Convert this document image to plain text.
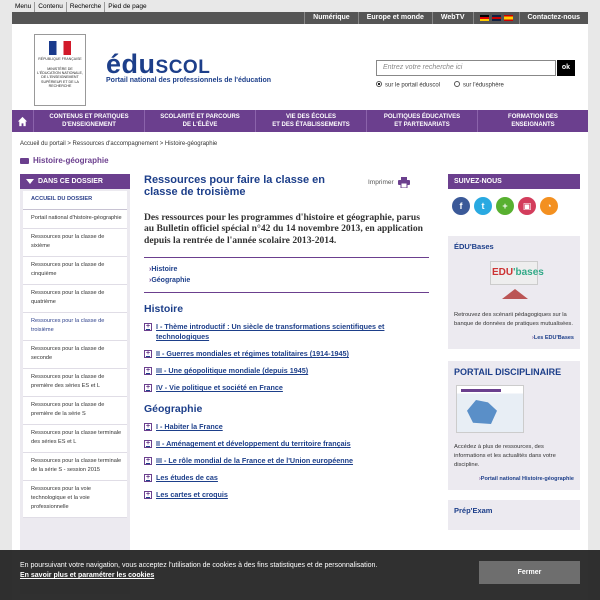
Menu	Contenu	Recherche	Pied de page
Numérique	Europe et monde	WebTV	Contactez-nous
RÉPUBLIQUE FRANÇAISE
MINISTÈRE DE L'ÉDUCATION NATIONALE, DE L'ENSEIGNEMENT SUPÉRIEUR ET DE LA RECHERCHE
éduscol
Portail national des professionnels de l'éducation
Entrez votre recherche ici	ok
sur le portail éduscol	sur l'édusphère
CONTENUS ET PRATIQUES
D'ENSEIGNEMENT
SCOLARITÉ ET PARCOURS
DE L'ÉLÈVE
VIE DES ÉCOLES
ET DES ÉTABLISSEMENTS
POLITIQUES ÉDUCATIVES
ET PARTENARIATS
FORMATION DES
ENSEIGNANTS
Accueil du portail > Ressources d'accompagnement > Histoire-géographie
Histoire-géographie
DANS CE DOSSIER
ACCUEIL DU DOSSIER
Portail national d'histoire-géographie
Ressources pour la classe de sixième
Ressources pour la classe de cinquième
Ressources pour la classe de quatrième
Ressources pour la classe de troisième
Ressources pour la classe de seconde
Ressources pour la classe de première des séries ES et L
Ressources pour la classe de première de la série S
Ressources pour la classe terminale des séries ES et L
Ressources pour la classe terminale de la série S - session 2015
Ressources pour la voie technologique et la voie professionnelle
Ressources pour faire la classe en classe de troisième
Imprimer
Des ressources pour les programmes d'histoire et géographie, parus au Bulletin officiel spécial n°42 du 14 novembre 2013, en application depuis la rentrée de l'année scolaire 2013-2014.
› Histoire
› Géographie
Histoire
+ I - Thème introductif : Un siècle de transformations scientifiques et technologiques
+ II - Guerres mondiales et régimes totalitaires (1914-1945)
+ III - Une géopolitique mondiale (depuis 1945)
+ IV - Vie politique et société en France
Géographie
+ I - Habiter la France
+ II - Aménagement et développement du territoire français
+ III - Le rôle mondial de la France et de l'Union européenne
+ Les études de cas
+ Les cartes et croquis
SUIVEZ-NOUS
f	t	+	▣	◔
ÉDU'Bases
EDU'bases
Retrouvez des scénarii pédagogiques sur la banque de données de pratiques mutualisées.
› Les EDU'Bases
PORTAIL DISCIPLINAIRE
Accédez à plus de ressources, des informations et les actualités dans votre discipline.
› Portail national Histoire-géographie
Prép'Exam
En poursuivant votre navigation, vous acceptez l'utilisation de cookies à des fins statistiques et de personnalisation.
En savoir plus et paramétrer les cookies	Fermer
